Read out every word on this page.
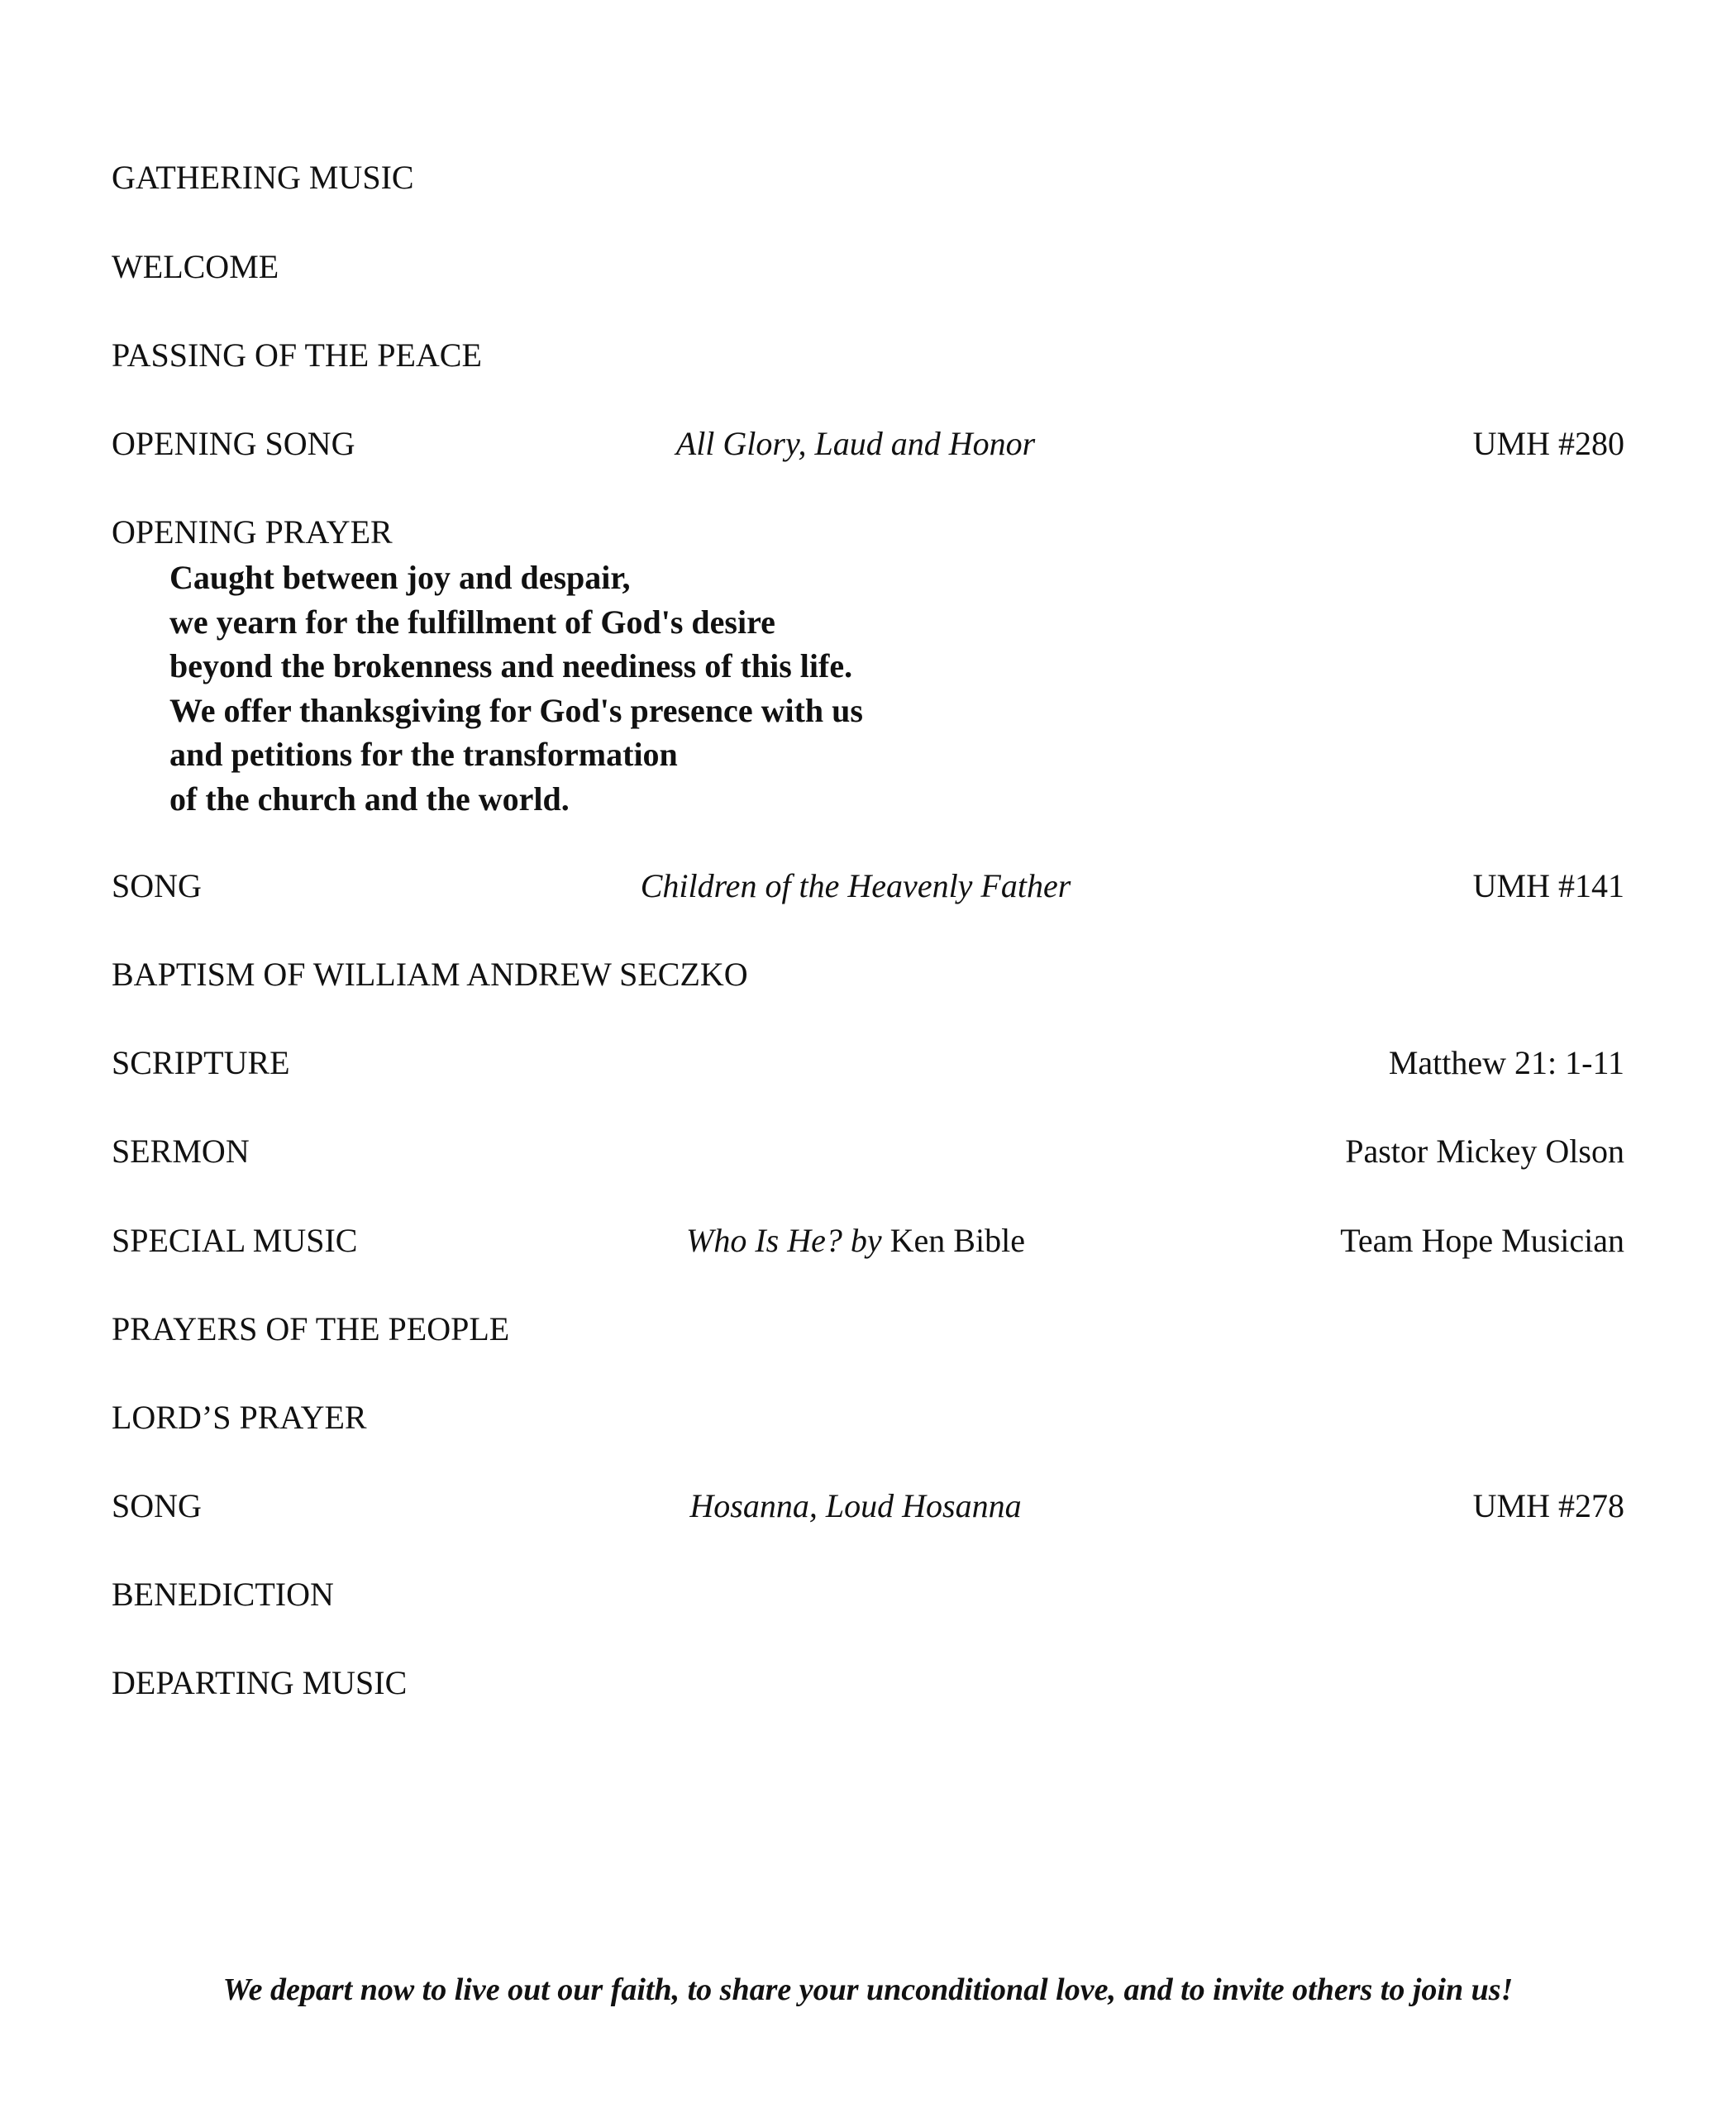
GATHERING MUSIC
WELCOME
PASSING OF THE PEACE
OPENING SONG	All Glory, Laud and Honor	UMH #280
OPENING PRAYER
Caught between joy and despair,
we yearn for the fulfillment of God's desire
beyond the brokenness and neediness of this life.
We offer thanksgiving for God's presence with us
and petitions for the transformation
of the church and the world.
SONG	Children of the Heavenly Father	UMH #141
BAPTISM OF WILLIAM ANDREW SECZKO
SCRIPTURE	Matthew 21: 1-11
SERMON	Pastor Mickey Olson
SPECIAL MUSIC	Who Is He? by Ken Bible	Team Hope Musician
PRAYERS OF THE PEOPLE
LORD’S PRAYER
SONG	Hosanna, Loud Hosanna	UMH #278
BENEDICTION
DEPARTING MUSIC
We depart now to live out our faith, to share your unconditional love, and to invite others to join us!
